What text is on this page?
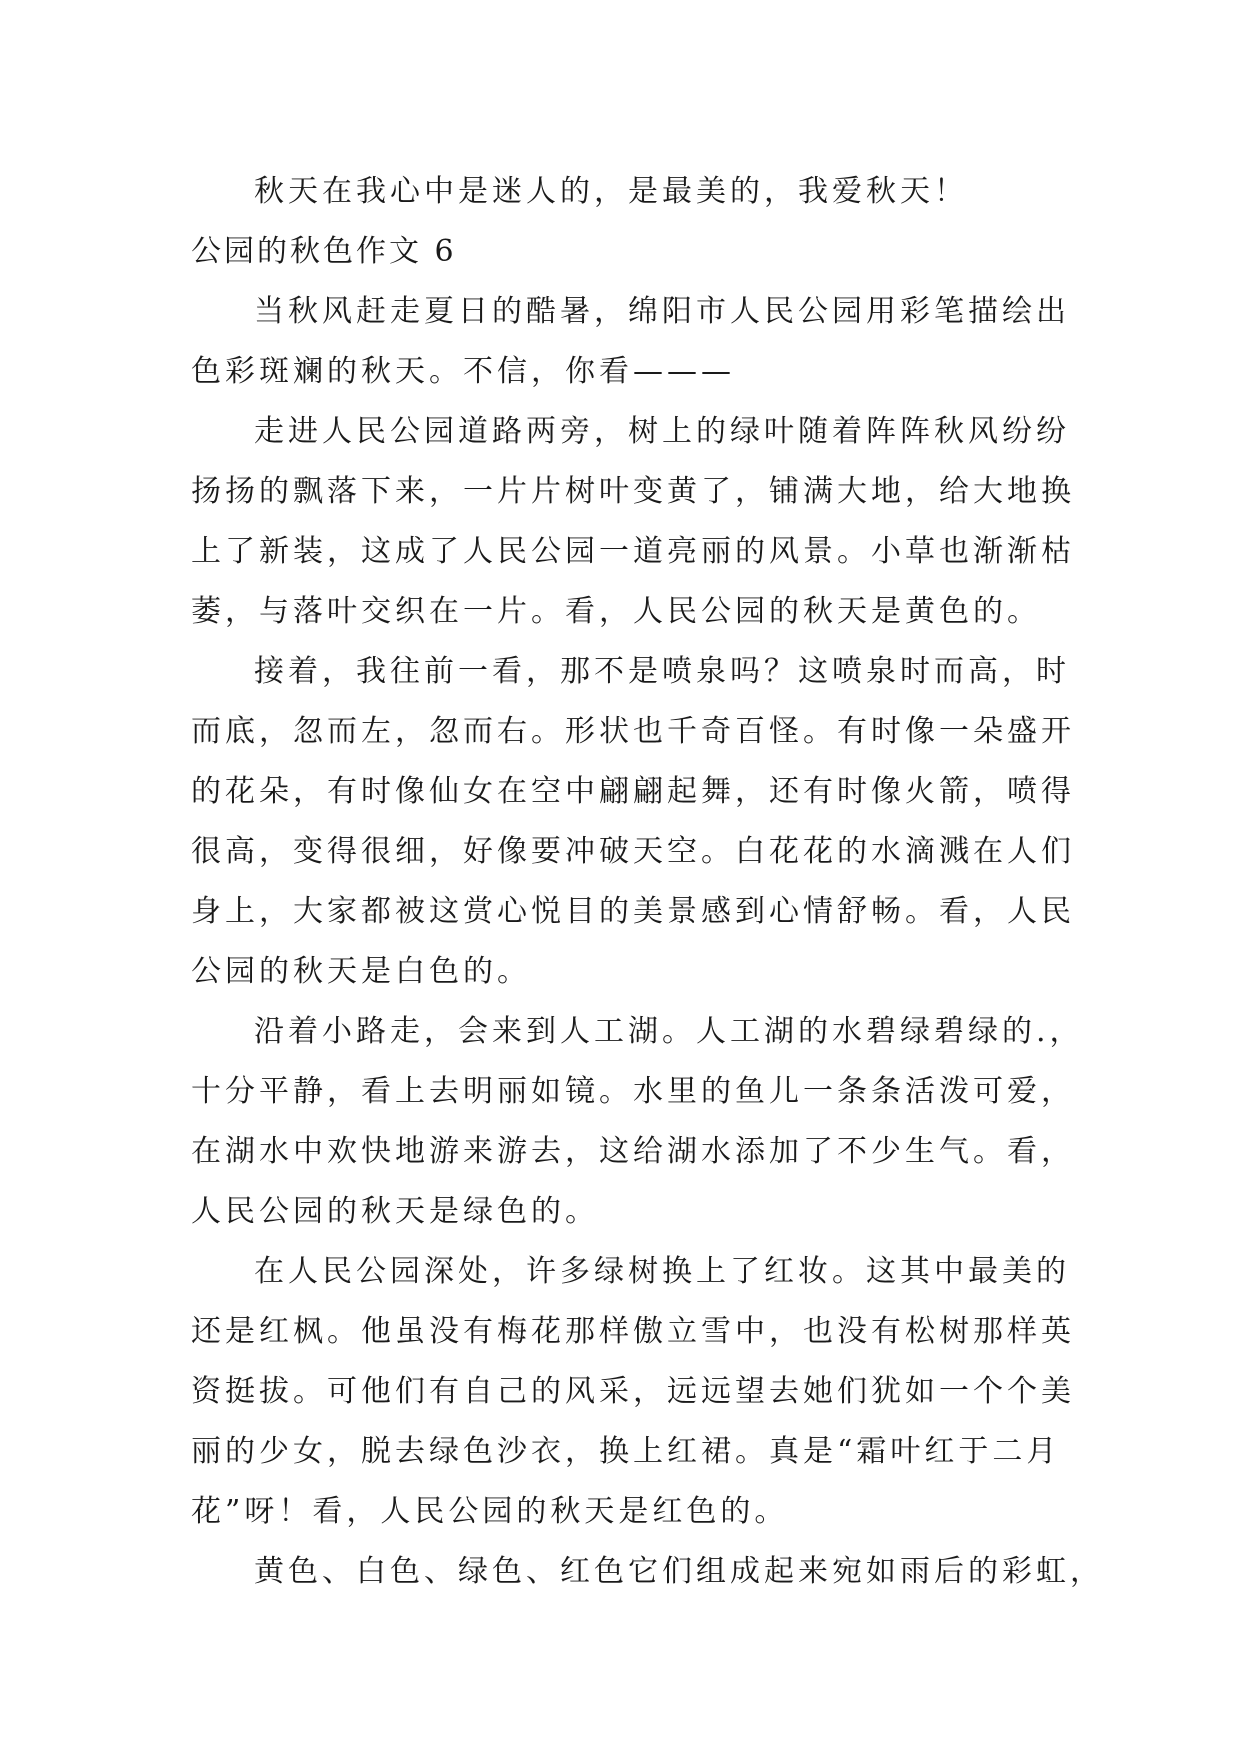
秋天在我心中是迷人的，是最美的，我爱秋天！
公园的秋色作文 6
当秋风赶走夏日的酷暑，绵阳市人民公园用彩笔描绘出
色彩斑斓的秋天。不信，你看———
走进人民公园道路两旁，树上的绿叶随着阵阵秋风纷纷
扬扬的飘落下来，一片片树叶变黄了，铺满大地，给大地换
上了新装，这成了人民公园一道亮丽的风景。小草也渐渐枯
萎，与落叶交织在一片。看，人民公园的秋天是黄色的。
接着，我往前一看，那不是喷泉吗？这喷泉时而高，时
而底，忽而左，忽而右。形状也千奇百怪。有时像一朵盛开
的花朵，有时像仙女在空中翩翩起舞，还有时像火箭，喷得
很高，变得很细，好像要冲破天空。白花花的水滴溅在人们
身上，大家都被这赏心悦目的美景感到心情舒畅。看，人民
公园的秋天是白色的。
沿着小路走，会来到人工湖。人工湖的水碧绿碧绿的.，
十分平静，看上去明丽如镜。水里的鱼儿一条条活泼可爱，
在湖水中欢快地游来游去，这给湖水添加了不少生气。看，
人民公园的秋天是绿色的。
在人民公园深处，许多绿树换上了红妆。这其中最美的
还是红枫。他虽没有梅花那样傲立雪中，也没有松树那样英
资挺拔。可他们有自己的风采，远远望去她们犹如一个个美
丽的少女，脱去绿色沙衣，换上红裙。真是“霜叶红于二月
花”呀！看，人民公园的秋天是红色的。
黄色、白色、绿色、红色它们组成起来宛如雨后的彩虹，
